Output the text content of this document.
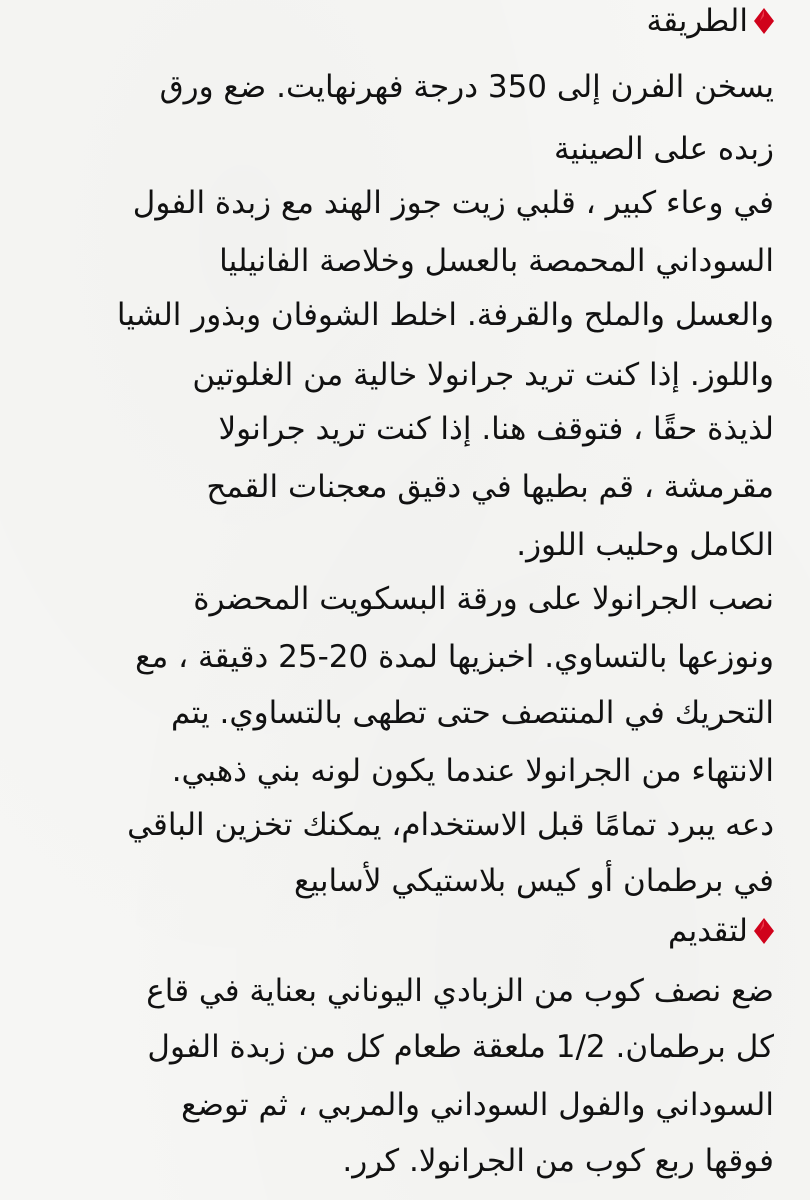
الطريقة
يسخن الفرن إلى 350 درجة فهرنهايت. ضع ورق
زبده على الصينية
في وعاء كبير ، قلبي زيت جوز الهند مع زبدة الفول
السوداني المحمصة بالعسل وخلاصة الفانيليا
والعسل والملح والقرفة. اخلط الشوفان وبذور الشيا
واللوز. إذا كنت تريد جرانولا خالية من الغلوتين
لذيذة حقًا ، فتوقف هنا. إذا كنت تريد جرانولا
مقرمشة ، قم بطيها في دقيق معجنات القمح
الكامل وحليب اللوز.
نصب الجرانولا على ورقة البسكويت المحضرة
ونوزعها بالتساوي. اخبزيها لمدة 20-25 دقيقة ، مع
التحريك في المنتصف حتى تطهى بالتساوي. يتم
الانتهاء من الجرانولا عندما يكون لونه بني ذهبي.
دعه يبرد تمامًا قبل الاستخدام، يمكنك تخزين الباقي
في برطمان أو كيس بلاستيكي لأسابيع
لتقديم
ضع نصف كوب من الزبادي اليوناني بعناية في قاع
كل برطمان. 1/2 ملعقة طعام كل من زبدة الفول
السوداني والفول السوداني والمربي ، ثم توضع
فوقها ربع كوب من الجرانولا. كرر.
